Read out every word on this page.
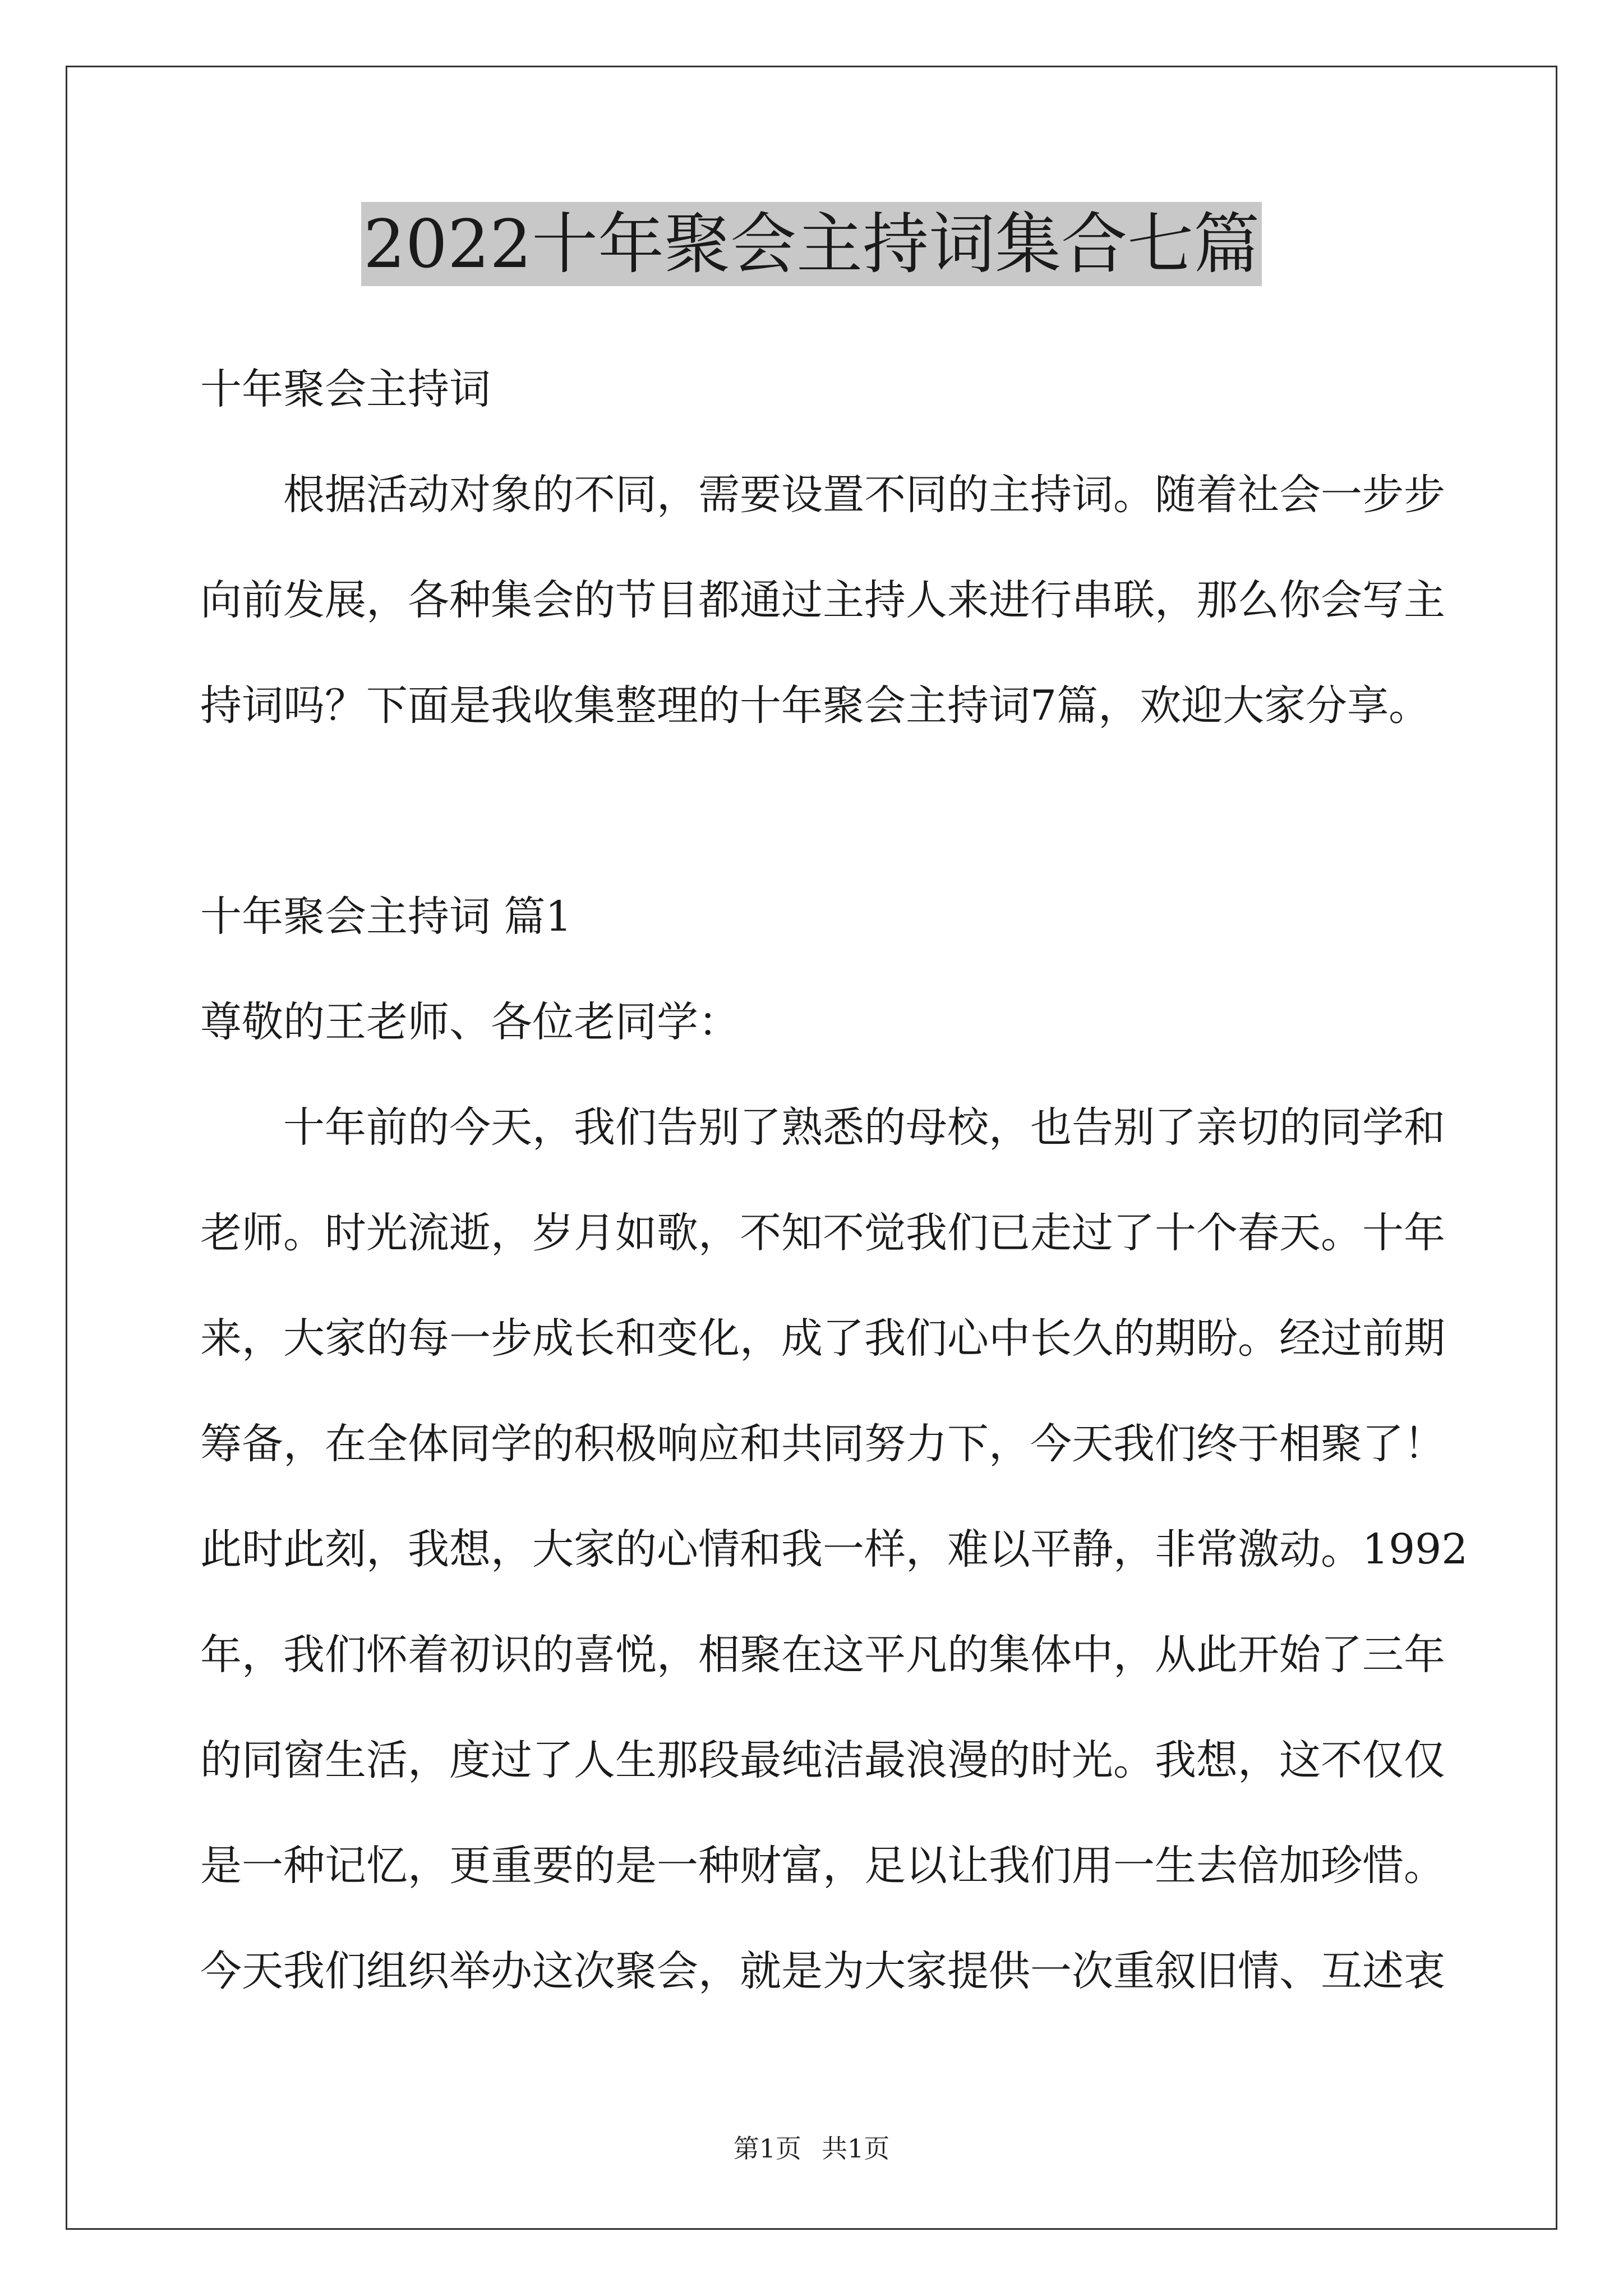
2022十年聚会主持词集合七篇
十年聚会主持词
根据活动对象的不同，需要设置不同的主持词。随着社会一步步
向前发展，各种集会的节目都通过主持人来进行串联，那么你会写主
持词吗？下面是我收集整理的十年聚会主持词7篇，欢迎大家分享。
十年聚会主持词 篇1
尊敬的王老师、各位老同学：
十年前的今天，我们告别了熟悉的母校，也告别了亲切的同学和
老师。时光流逝，岁月如歌，不知不觉我们已走过了十个春天。十年
来，大家的每一步成长和变化，成了我们心中长久的期盼。经过前期
筹备，在全体同学的积极响应和共同努力下，今天我们终于相聚了！
此时此刻，我想，大家的心情和我一样，难以平静，非常激动。1992
年，我们怀着初识的喜悦，相聚在这平凡的集体中，从此开始了三年
的同窗生活，度过了人生那段最纯洁最浪漫的时光。我想，这不仅仅
是一种记忆，更重要的是一种财富，足以让我们用一生去倍加珍惜。
今天我们组织举办这次聚会，就是为大家提供一次重叙旧情、互述衷
第1页 共1页
